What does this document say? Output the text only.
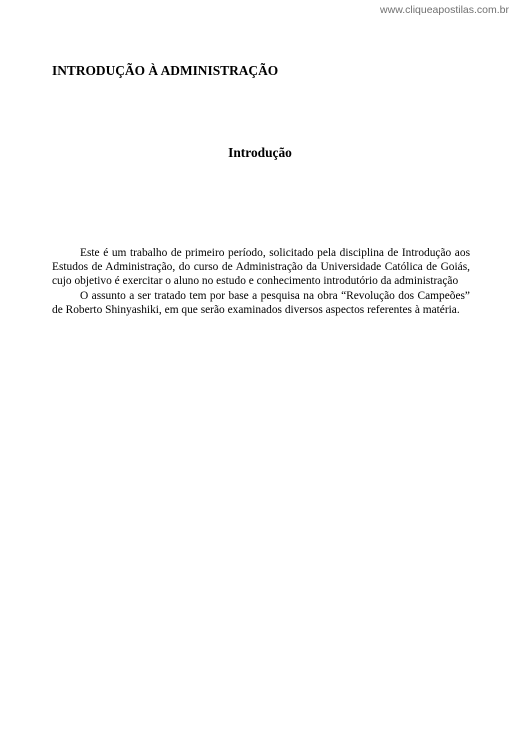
www.cliqueapostilas.com.br
INTRODUÇÃO À ADMINISTRAÇÃO
Introdução

Este é um trabalho de primeiro período, solicitado pela disciplina de Introdução aos Estudos de Administração, do curso de Administração da Universidade Católica de Goiás, cujo objetivo é exercitar o aluno no estudo e conhecimento introdutório da administração

O assunto a ser tratado tem por base a pesquisa na obra “Revolução dos Campeões” de Roberto Shinyashiki, em que serão examinados diversos aspectos referentes à matéria.
